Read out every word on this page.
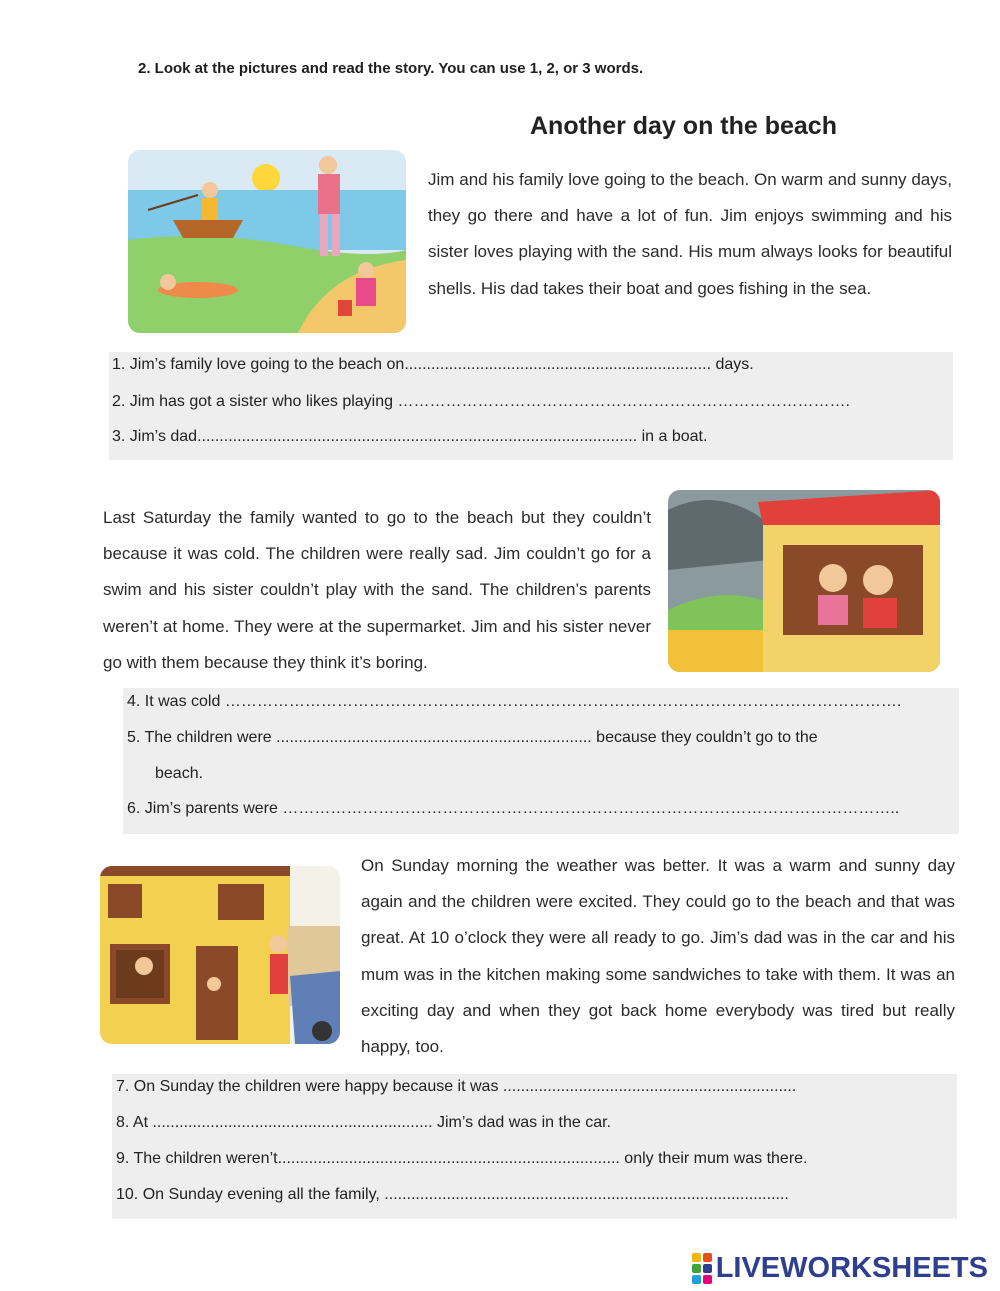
2. Look at the pictures and read the story. You can use 1, 2, or 3 words.
Another day on the beach
Jim and his family love going to the beach. On warm and sunny days, they go there and have a lot of fun. Jim enjoys swimming and his sister loves playing with the sand. His mum always looks for beautiful shells. His dad takes their boat and goes fishing in the sea.
1. Jim’s family love going to the beach on..................................................................... days.
2. Jim has got a sister who likes playing ………………………………………………………………………….
3. Jim’s dad................................................................................................... in a boat.
Last Saturday the family wanted to go to the beach but they couldn’t because it was cold. The children were really sad. Jim couldn’t go for a swim and his sister couldn’t play with the sand. The children’s parents weren’t at home. They were at the supermarket. Jim and his sister never go with them because they think it’s boring.
4. It was cold ……………………………………………………………………………………………………………….
5. The children were ....................................................................... because they couldn’t go to the
beach.
6. Jim’s parents were ……………………………………………………………………………………………………..
On Sunday morning the weather was better. It was a warm and sunny day again and the children were excited. They could go to the beach and that was great. At 10 o’clock they were all ready to go. Jim’s dad was in the car and his mum was in the kitchen making some sandwiches to take with them. It was an exciting day and when they got back home everybody was tired but really happy, too.
7. On Sunday the children were happy because it was ..................................................................
8. At ............................................................... Jim’s dad was in the car.
9. The children weren’t............................................................................. only their mum was there.
10. On Sunday evening all the family, ...........................................................................................
LIVEWORKSHEETS
